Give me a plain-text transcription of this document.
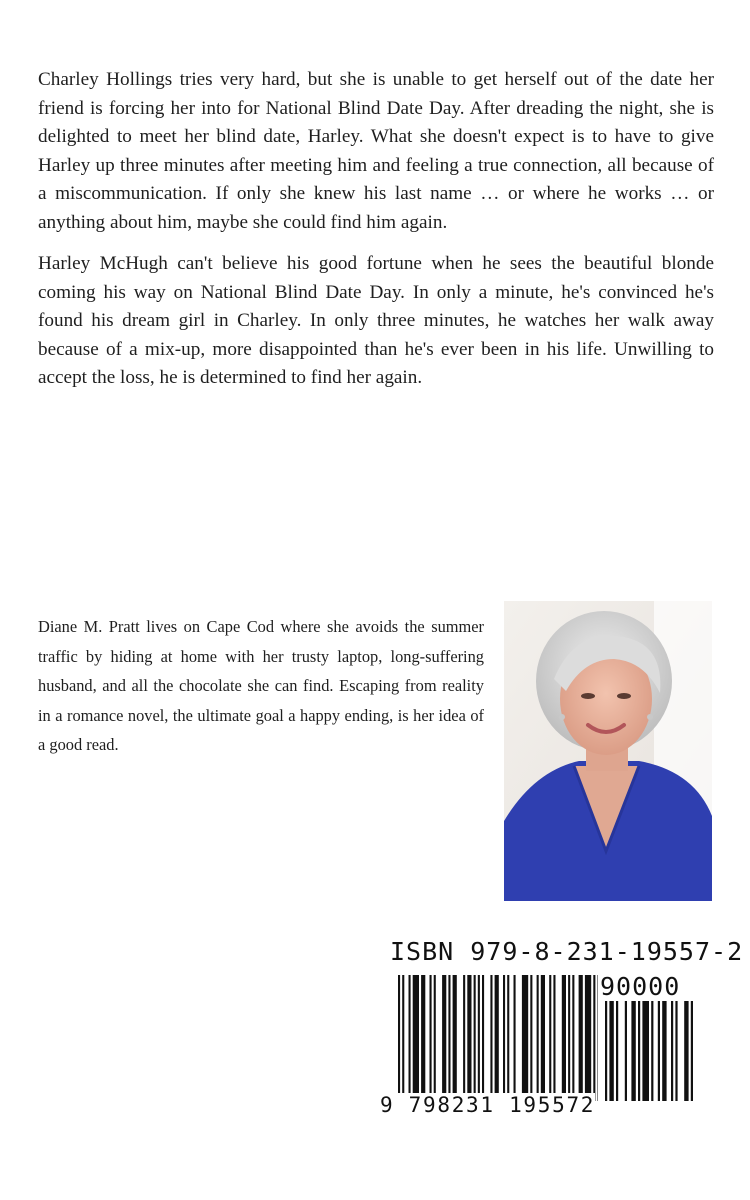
Charley Hollings tries very hard, but she is unable to get herself out of the date her friend is forcing her into for National Blind Date Day. After dreading the night, she is delighted to meet her blind date, Harley. What she doesn't expect is to have to give Harley up three minutes after meeting him and feeling a true connection, all because of a miscommunication. If only she knew his last name … or where he works … or anything about him, maybe she could find him again.

Harley McHugh can't believe his good fortune when he sees the beautiful blonde coming his way on National Blind Date Day. In only a minute, he's convinced he's found his dream girl in Charley. In only three minutes, he watches her walk away because of a mix-up, more disappointed than he's ever been in his life. Unwilling to accept the loss, he is determined to find her again.

Diane M. Pratt lives on Cape Cod where she avoids the summer traffic by hiding at home with her trusty laptop, long-suffering husband, and all the chocolate she can find. Escaping from reality in a romance novel, the ultimate goal a happy ending, is her idea of a good read.

ISBN 979-8-231-19557-2
90000
9 798231 195572
